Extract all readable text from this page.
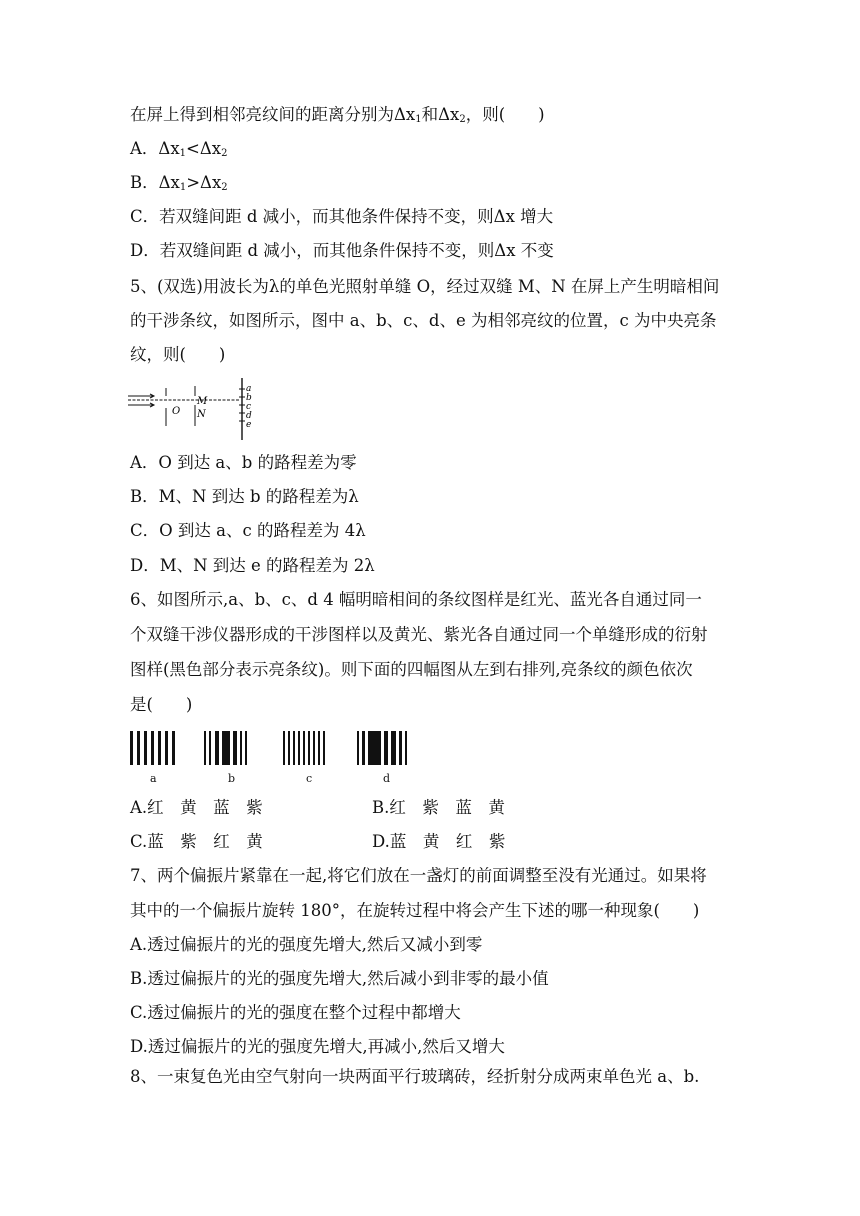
在屏上得到相邻亮纹间的距离分别为$\Delta x_1$和$\Delta x_2$，则(　　)
A．$\Delta x_1<\Delta x_2$
B．$\Delta x_1>\Delta x_2$
C．若双缝间距 d 减小，而其他条件保持不变，则Δx 增大
D．若双缝间距 d 减小，而其他条件保持不变，则Δx 不变
5、(双选)用波长为λ的单色光照射单缝 O，经过双缝 M、N 在屏上产生明暗相间
的干涉条纹，如图所示，图中 a、b、c、d、e 为相邻亮纹的位置，c 为中央亮条
纹，则(　　)
O
M
N
a
b
c
d
e
A．O 到达 a、b 的路程差为零
B．M、N 到达 b 的路程差为λ
C．O 到达 a、c 的路程差为 4λ
D．M、N 到达 e 的路程差为 2λ
6、如图所示,a、b、c、d 4 幅明暗相间的条纹图样是红光、蓝光各自通过同一
个双缝干涉仪器形成的干涉图样以及黄光、紫光各自通过同一个单缝形成的衍射
图样(黑色部分表示亮条纹)。则下面的四幅图从左到右排列,亮条纹的颜色依次
是(　　)
a	b	c	d
A.红　黄　蓝　紫	B.红　紫　蓝　黄
C.蓝　紫　红　黄	D.蓝　黄　红　紫
7、两个偏振片紧靠在一起,将它们放在一盏灯的前面调整至没有光通过。如果将
其中的一个偏振片旋转 180°，在旋转过程中将会产生下述的哪一种现象(　　)
A.透过偏振片的光的强度先增大,然后又减小到零
B.透过偏振片的光的强度先增大,然后减小到非零的最小值
C.透过偏振片的光的强度在整个过程中都增大
D.透过偏振片的光的强度先增大,再减小,然后又增大
8、一束复色光由空气射向一块两面平行玻璃砖，经折射分成两束单色光 a、b.
